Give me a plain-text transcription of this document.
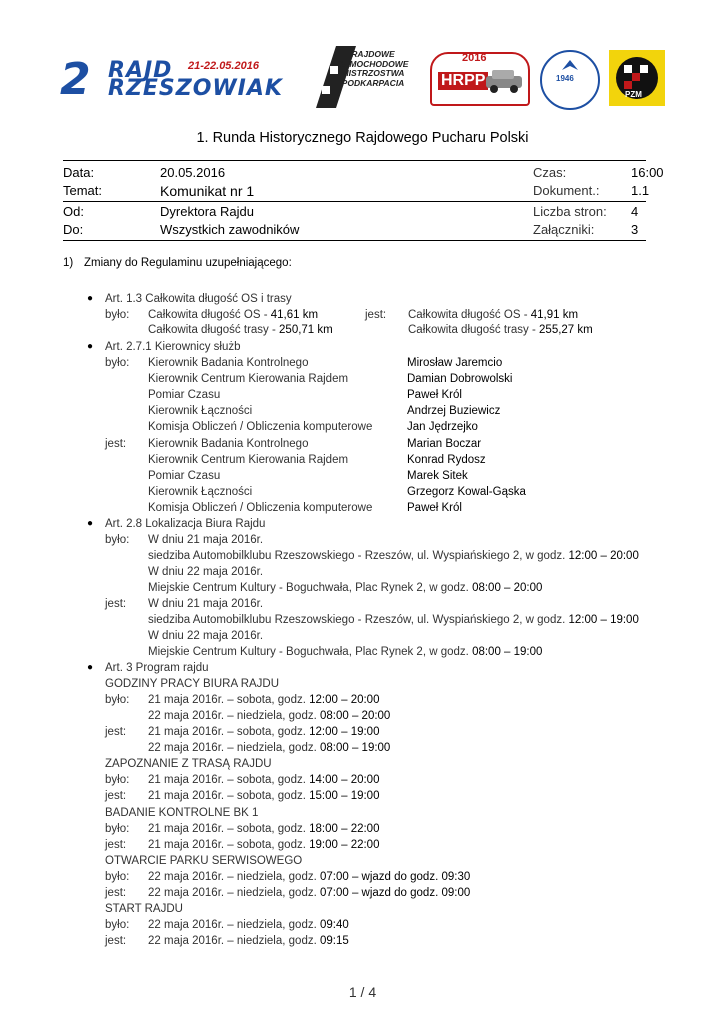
2 RAJD
RZESZOWIAK
21-22.05.2016
RAJDOWE SAMOCHODOWE MISTRZOSTWA PODKARPACIA
2016
HRPP	1946
PZM
1. Runda Historycznego Rajdowego Pucharu Polski
Data:	20.05.2016	Czas:	16:00
Temat:	Komunikat nr 1	Dokument.: 1.1
Od:	Dyrektora Rajdu	Liczba stron: 4
Do:	Wszystkich zawodników	Załączniki:	3
1) Zmiany do Regulaminu uzupełniającego:
● Art. 1.3 Całkowita długość OS i trasy
było: Całkowita długość OS - 41,61 km
Całkowita długość trasy - 250,71 km
jest: Całkowita długość OS - 41,91 km
Całkowita długość trasy - 255,27 km
● Art. 2.7.1 Kierownicy służb
było: Kierownik Badania Kontrolnego	Mirosław Jaremcio
Kierownik Centrum Kierowania Rajdem	Damian Dobrowolski
Pomiar Czasu	Paweł Król
Kierownik Łączności	Andrzej Buziewicz
Komisja Obliczeń / Obliczenia komputerowe	Jan Jędrzejko
jest: Kierownik Badania Kontrolnego	Marian Boczar
Kierownik Centrum Kierowania Rajdem	Konrad Rydosz
Pomiar Czasu	Marek Sitek
Kierownik Łączności	Grzegorz Kowal-Gąska
Komisja Obliczeń / Obliczenia komputerowe	Paweł Król
● Art. 2.8 Lokalizacja Biura Rajdu
było: W dniu 21 maja 2016r.
siedziba Automobilklubu Rzeszowskiego - Rzeszów, ul. Wyspiańskiego 2, w godz. 12:00 – 20:00
W dniu 22 maja 2016r.
Miejskie Centrum Kultury - Boguchwała, Plac Rynek 2, w godz. 08:00 – 20:00
jest: W dniu 21 maja 2016r.
siedziba Automobilklubu Rzeszowskiego - Rzeszów, ul. Wyspiańskiego 2, w godz. 12:00 – 19:00
W dniu 22 maja 2016r.
Miejskie Centrum Kultury - Boguchwała, Plac Rynek 2, w godz. 08:00 – 19:00
● Art. 3 Program rajdu
GODZINY PRACY BIURA RAJDU
było: 21 maja 2016r. – sobota, godz. 12:00 – 20:00
22 maja 2016r. – niedziela, godz. 08:00 – 20:00
jest: 21 maja 2016r. – sobota, godz. 12:00 – 19:00
22 maja 2016r. – niedziela, godz. 08:00 – 19:00
ZAPOZNANIE Z TRASĄ RAJDU
było: 21 maja 2016r. – sobota, godz. 14:00 – 20:00
jest: 21 maja 2016r. – sobota, godz. 15:00 – 19:00
BADANIE KONTROLNE BK 1
było: 21 maja 2016r. – sobota, godz. 18:00 – 22:00
jest: 21 maja 2016r. – sobota, godz. 19:00 – 22:00
OTWARCIE PARKU SERWISOWEGO
było: 22 maja 2016r. – niedziela, godz. 07:00 – wjazd do godz. 09:30
jest: 22 maja 2016r. – niedziela, godz. 07:00 – wjazd do godz. 09:00
START RAJDU
było: 22 maja 2016r. – niedziela, godz. 09:40
jest: 22 maja 2016r. – niedziela, godz. 09:15
1 / 4
